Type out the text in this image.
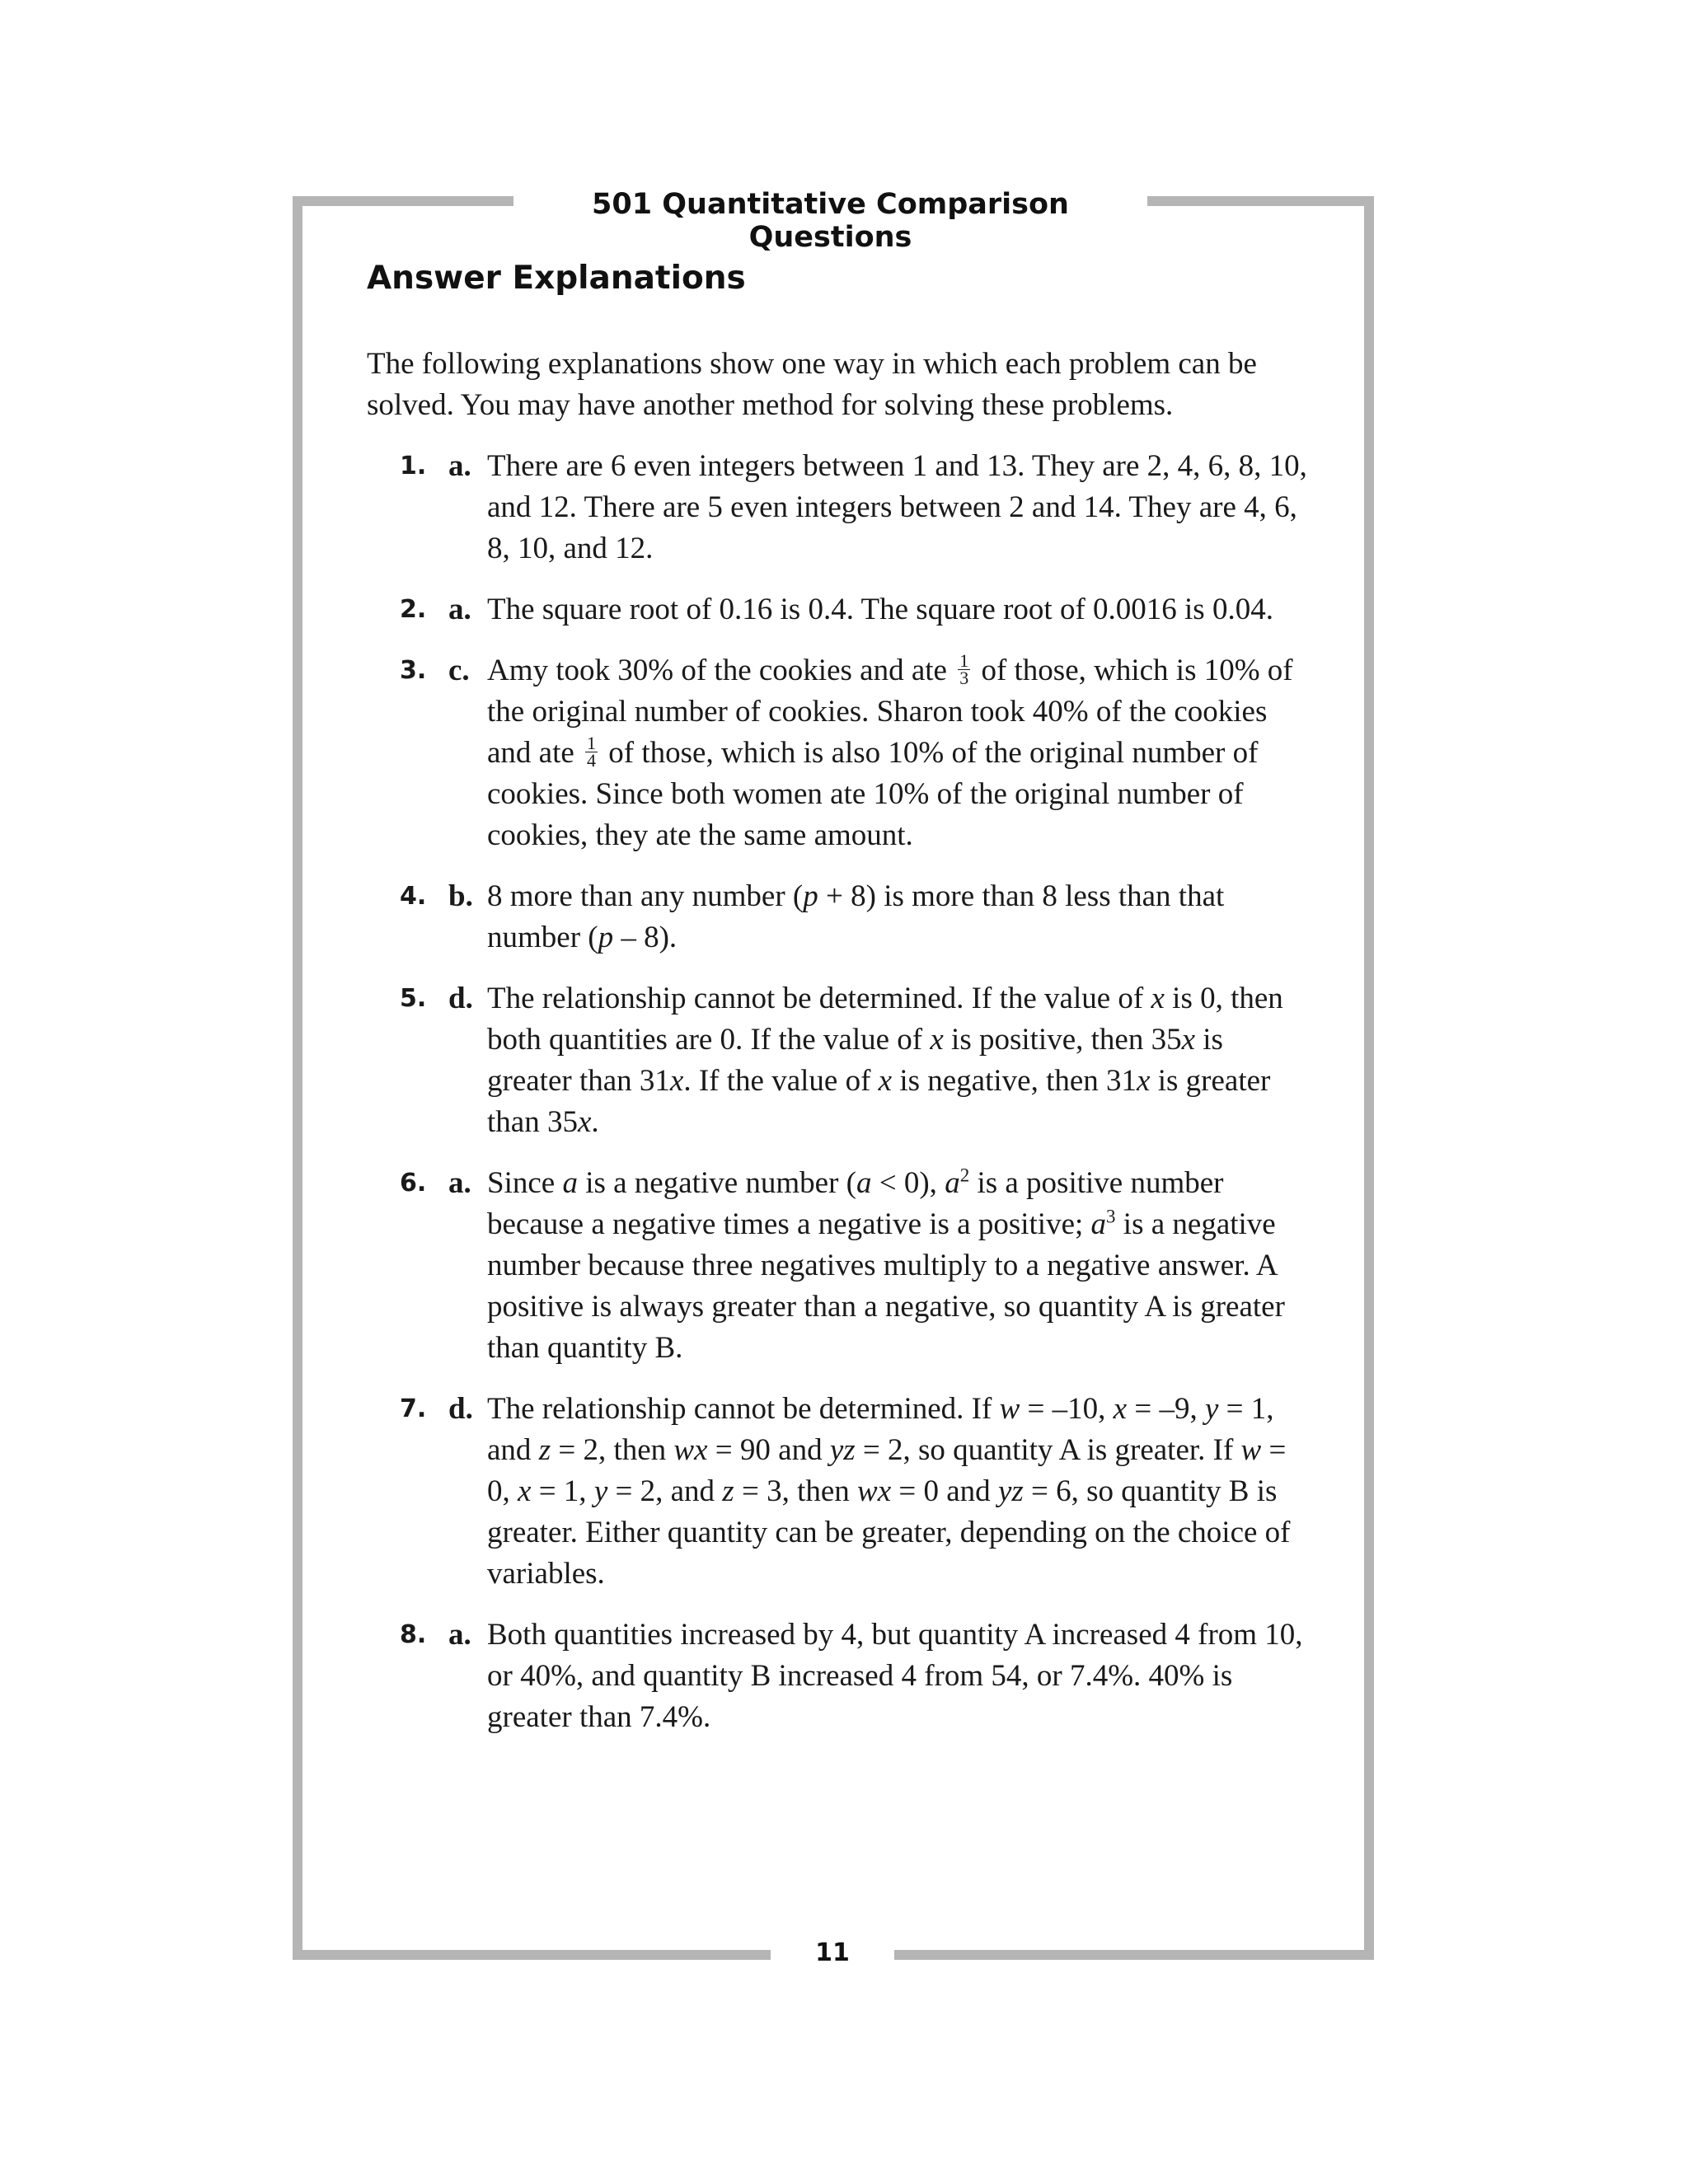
501 Quantitative Comparison Questions
Answer Explanations

The following explanations show one way in which each problem can be solved. You may have another method for solving these problems.

1. a. There are 6 even integers between 1 and 13. They are 2, 4, 6, 8, 10, and 12. There are 5 even integers between 2 and 14. They are 4, 6, 8, 10, and 12.

2. a. The square root of 0.16 is 0.4. The square root of 0.0016 is 0.04.

3. c. Amy took 30% of the cookies and ate $\frac{1}{3}$ of those, which is 10% of the original number of cookies. Sharon took 40% of the cookies and ate $\frac{1}{4}$ of those, which is also 10% of the original number of cookies. Since both women ate 10% of the original number of cookies, they ate the same amount.

4. b. 8 more than any number (p + 8) is more than 8 less than that number (p – 8).

5. d. The relationship cannot be determined. If the value of x is 0, then both quantities are 0. If the value of x is positive, then 35x is greater than 31x. If the value of x is negative, then 31x is greater than 35x.

6. a. Since a is a negative number (a < 0), $a^2$ is a positive number because a negative times a negative is a positive; $a^3$ is a negative number because three negatives multiply to a negative answer. A positive is always greater than a negative, so quantity A is greater than quantity B.

7. d. The relationship cannot be determined. If w = –10, x = –9, y = 1, and z = 2, then wx = 90 and yz = 2, so quantity A is greater. If w = 0, x = 1, y = 2, and z = 3, then wx = 0 and yz = 6, so quantity B is greater. Either quantity can be greater, depending on the choice of variables.

8. a. Both quantities increased by 4, but quantity A increased 4 from 10, or 40%, and quantity B increased 4 from 54, or 7.4%. 40% is greater than 7.4%.

11
